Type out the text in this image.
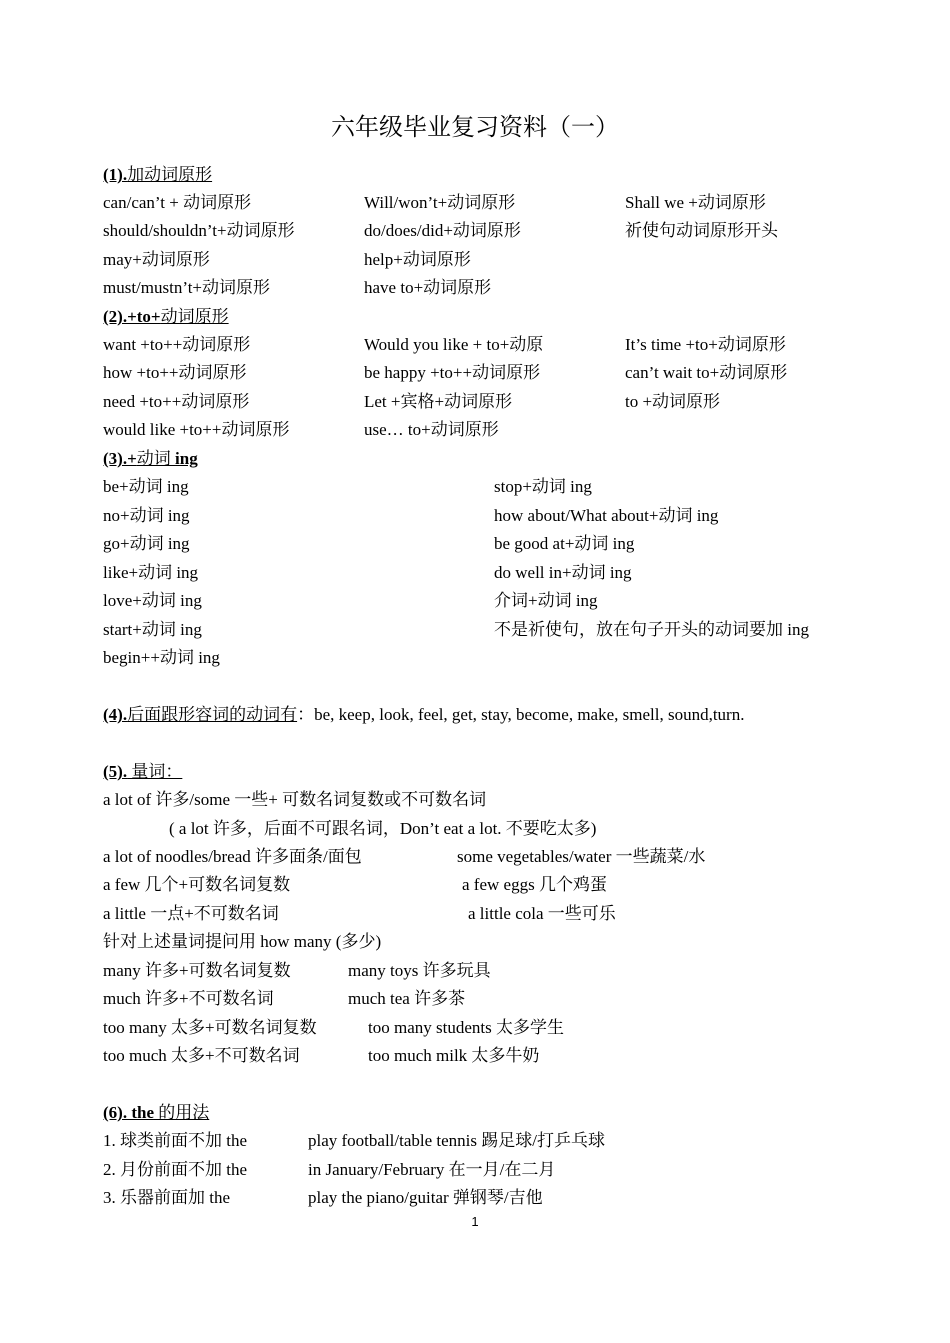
六年级毕业复习资料（一）
(1).加动词原形
can/can’t + 动词原形	Will/won’t+动词原形	Shall we +动词原形
should/shouldn’t+动词原形	do/does/did+动词原形	祈使句动词原形开头
may+动词原形	help+动词原形
must/mustn’t+动词原形	have to+动词原形
(2).+to+动词原形
want +to++动词原形	Would you like + to+动原	It’s time +to+动词原形
how +to++动词原形	be happy +to++动词原形	can’t wait to+动词原形
need +to++动词原形	Let +宾格+动词原形	to +动词原形
would like +to++动词原形	use… to+动词原形
(3).+动词 ing
be+动词 ing	stop+动词 ing
no+动词 ing	how about/What about+动词 ing
go+动词 ing	be good at+动词 ing
like+动词 ing	do well in+动词 ing
love+动词 ing	介词+动词 ing
start+动词 ing	不是祈使句，放在句子开头的动词要加 ing
begin++动词 ing
(4).后面跟形容词的动词有：be, keep, look, feel, get, stay, become, make, smell, sound,turn.
(5). 量词：
a lot of 许多/some 一些+ 可数名词复数或不可数名词
( a lot 许多，后面不可跟名词，Don’t eat a lot. 不要吃太多)
a lot of noodles/bread 许多面条/面包	some vegetables/water 一些蔬菜/水
a few 几个+可数名词复数	a few eggs 几个鸡蛋
a little 一点+不可数名词	a little cola 一些可乐
针对上述量词提问用 how many (多少)
many 许多+可数名词复数	many toys 许多玩具
much 许多+不可数名词	much tea 许多茶
too many 太多+可数名词复数	too many students 太多学生
too much 太多+不可数名词	too much milk 太多牛奶
(6). the 的用法
1. 球类前面不加 the	play football/table tennis 踢足球/打乒乓球
2. 月份前面不加 the	in January/February 在一月/在二月
3. 乐器前面加 the	play the piano/guitar 弹钢琴/吉他
1
